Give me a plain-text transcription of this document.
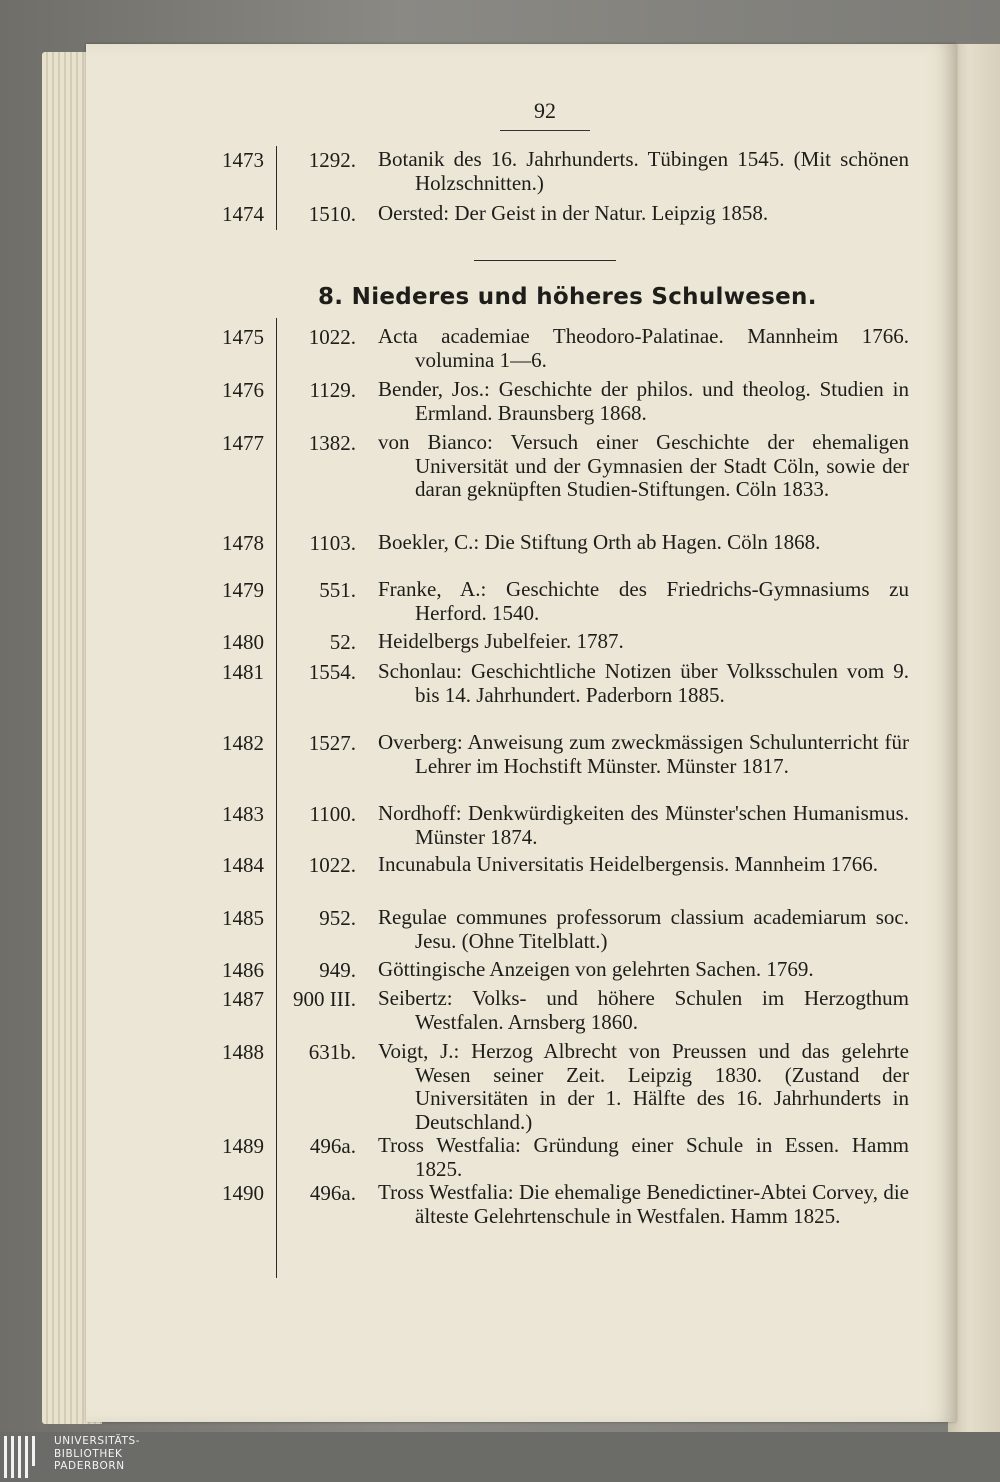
92
8. Niederes und höheres Schulwesen.
1473	1292. Botanik des 16. Jahrhunderts. Tübingen 1545. (Mit schönen Holzschnitten.)
1474	1510. Oersted: Der Geist in der Natur. Leipzig 1858.
1475	1022. Acta academiae Theodoro-Palatinae. Mannheim 1766. volumina 1—6.
1476	1129. Bender, Jos.: Geschichte der philos. und theolog. Studien in Ermland. Braunsberg 1868.
1477	1382. von Bianco: Versuch einer Geschichte der ehemaligen Universität und der Gymnasien der Stadt Cöln, sowie der daran geknüpften Studien-Stiftungen. Cöln 1833.
1478	1103. Boekler, C.: Die Stiftung Orth ab Hagen. Cöln 1868.
1479	551. Franke, A.: Geschichte des Friedrichs-Gymnasiums zu Herford. 1540.
1480	52. Heidelbergs Jubelfeier. 1787.
1481	1554. Schonlau: Geschichtliche Notizen über Volksschulen vom 9. bis 14. Jahrhundert. Paderborn 1885.
1482	1527. Overberg: Anweisung zum zweckmässigen Schulunterricht für Lehrer im Hochstift Münster. Münster 1817.
1483	1100. Nordhoff: Denkwürdigkeiten des Münster'schen Humanismus. Münster 1874.
1484	1022. Incunabula Universitatis Heidelbergensis. Mannheim 1766.
1485	952. Regulae communes professorum classium academiarum soc. Jesu. (Ohne Titelblatt.)
1486	949. Göttingische Anzeigen von gelehrten Sachen. 1769.
1487	900 III. Seibertz: Volks- und höhere Schulen im Herzogthum Westfalen. Arnsberg 1860.
1488	631b. Voigt, J.: Herzog Albrecht von Preussen und das gelehrte Wesen seiner Zeit. Leipzig 1830. (Zustand der Universitäten in der 1. Hälfte des 16. Jahrhunderts in Deutschland.)
1489	496a. Tross Westfalia: Gründung einer Schule in Essen. Hamm 1825.
1490	496a. Tross Westfalia: Die ehemalige Benedictiner-Abtei Corvey, die älteste Gelehrtenschule in Westfalen. Hamm 1825.
UNIVERSITÄTS-
BIBLIOTHEK
PADERBORN
